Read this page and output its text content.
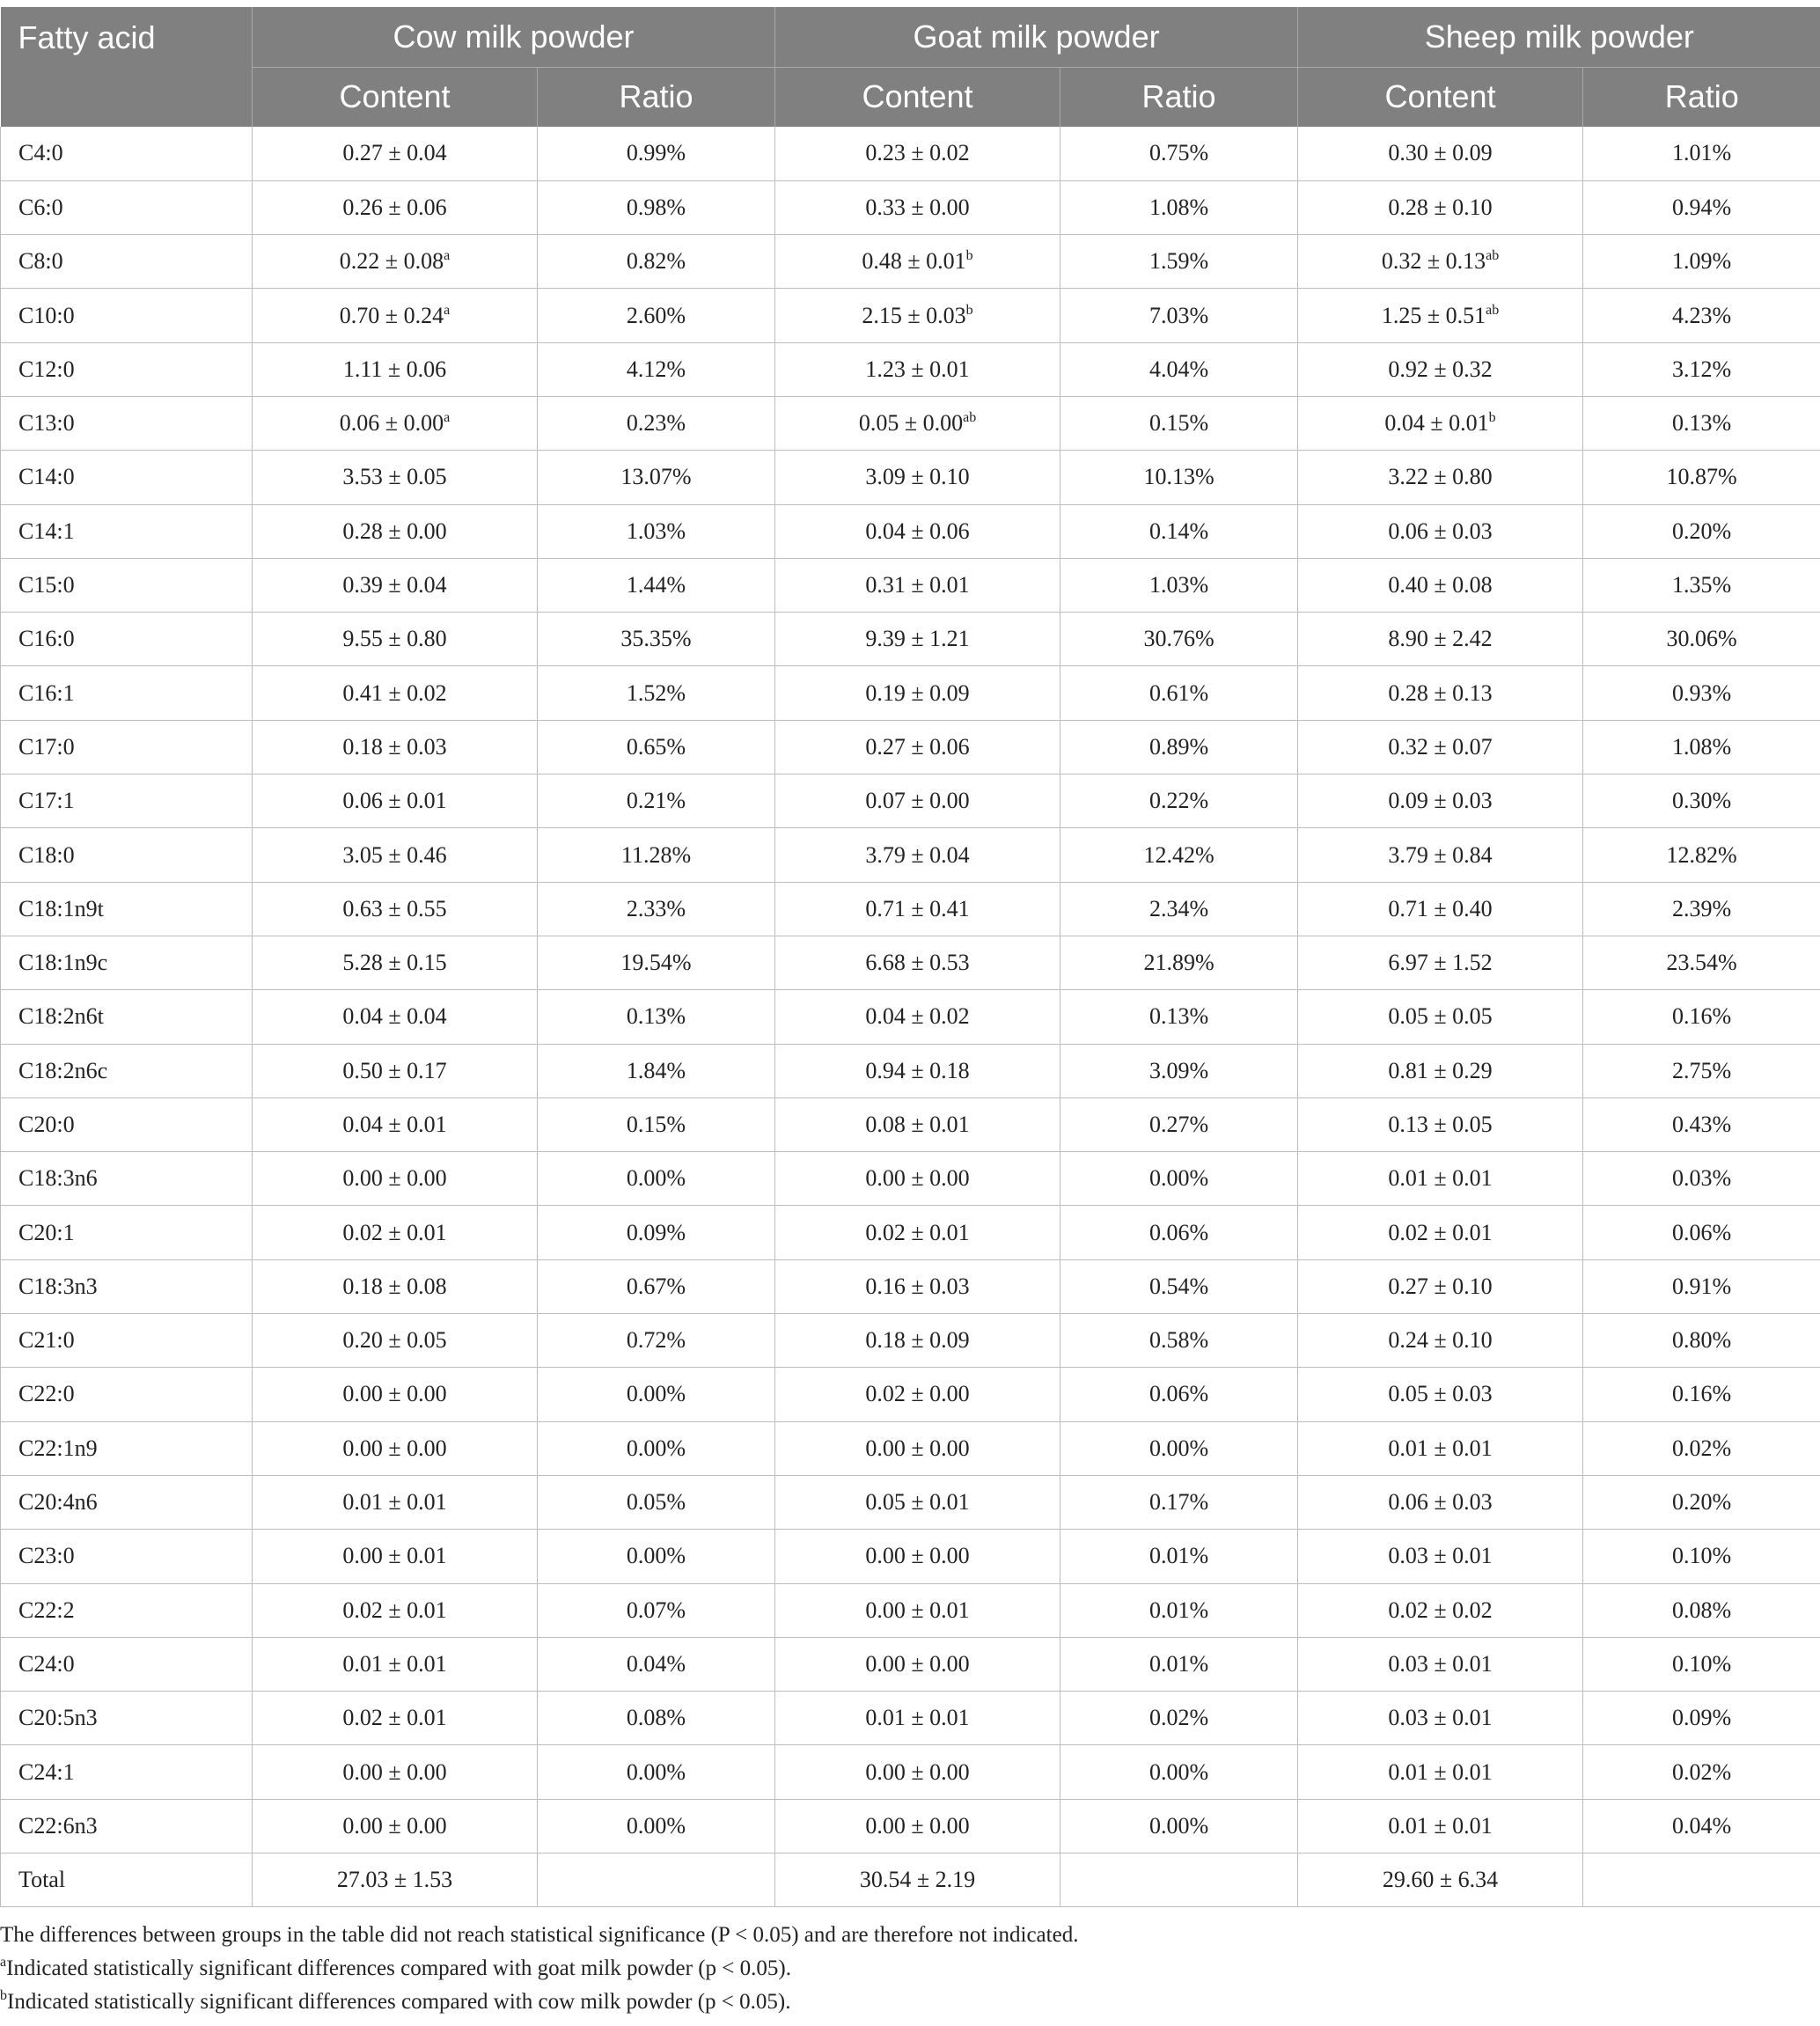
Fatty acid	Cow milk powder		Goat milk powder		Sheep milk powder	
	Content	Ratio	Content	Ratio	Content	Ratio
C4:0	0.27 ± 0.04	0.99%	0.23 ± 0.02	0.75%	0.30 ± 0.09	1.01%
C6:0	0.26 ± 0.06	0.98%	0.33 ± 0.00	1.08%	0.28 ± 0.10	0.94%
C8:0	0.22 ± 0.08$^a$	0.82%	0.48 ± 0.01$^b$	1.59%	0.32 ± 0.13$^{ab}$	1.09%
C10:0	0.70 ± 0.24$^a$	2.60%	2.15 ± 0.03$^b$	7.03%	1.25 ± 0.51$^{ab}$	4.23%
C12:0	1.11 ± 0.06	4.12%	1.23 ± 0.01	4.04%	0.92 ± 0.32	3.12%
C13:0	0.06 ± 0.00$^a$	0.23%	0.05 ± 0.00$^{ab}$	0.15%	0.04 ± 0.01$^b$	0.13%
C14:0	3.53 ± 0.05	13.07%	3.09 ± 0.10	10.13%	3.22 ± 0.80	10.87%
C14:1	0.28 ± 0.00	1.03%	0.04 ± 0.06	0.14%	0.06 ± 0.03	0.20%
C15:0	0.39 ± 0.04	1.44%	0.31 ± 0.01	1.03%	0.40 ± 0.08	1.35%
C16:0	9.55 ± 0.80	35.35%	9.39 ± 1.21	30.76%	8.90 ± 2.42	30.06%
C16:1	0.41 ± 0.02	1.52%	0.19 ± 0.09	0.61%	0.28 ± 0.13	0.93%
C17:0	0.18 ± 0.03	0.65%	0.27 ± 0.06	0.89%	0.32 ± 0.07	1.08%
C17:1	0.06 ± 0.01	0.21%	0.07 ± 0.00	0.22%	0.09 ± 0.03	0.30%
C18:0	3.05 ± 0.46	11.28%	3.79 ± 0.04	12.42%	3.79 ± 0.84	12.82%
C18:1n9t	0.63 ± 0.55	2.33%	0.71 ± 0.41	2.34%	0.71 ± 0.40	2.39%
C18:1n9c	5.28 ± 0.15	19.54%	6.68 ± 0.53	21.89%	6.97 ± 1.52	23.54%
C18:2n6t	0.04 ± 0.04	0.13%	0.04 ± 0.02	0.13%	0.05 ± 0.05	0.16%
C18:2n6c	0.50 ± 0.17	1.84%	0.94 ± 0.18	3.09%	0.81 ± 0.29	2.75%
C20:0	0.04 ± 0.01	0.15%	0.08 ± 0.01	0.27%	0.13 ± 0.05	0.43%
C18:3n6	0.00 ± 0.00	0.00%	0.00 ± 0.00	0.00%	0.01 ± 0.01	0.03%
C20:1	0.02 ± 0.01	0.09%	0.02 ± 0.01	0.06%	0.02 ± 0.01	0.06%
C18:3n3	0.18 ± 0.08	0.67%	0.16 ± 0.03	0.54%	0.27 ± 0.10	0.91%
C21:0	0.20 ± 0.05	0.72%	0.18 ± 0.09	0.58%	0.24 ± 0.10	0.80%
C22:0	0.00 ± 0.00	0.00%	0.02 ± 0.00	0.06%	0.05 ± 0.03	0.16%
C22:1n9	0.00 ± 0.00	0.00%	0.00 ± 0.00	0.00%	0.01 ± 0.01	0.02%
C20:4n6	0.01 ± 0.01	0.05%	0.05 ± 0.01	0.17%	0.06 ± 0.03	0.20%
C23:0	0.00 ± 0.01	0.00%	0.00 ± 0.00	0.01%	0.03 ± 0.01	0.10%
C22:2	0.02 ± 0.01	0.07%	0.00 ± 0.01	0.01%	0.02 ± 0.02	0.08%
C24:0	0.01 ± 0.01	0.04%	0.00 ± 0.00	0.01%	0.03 ± 0.01	0.10%
C20:5n3	0.02 ± 0.01	0.08%	0.01 ± 0.01	0.02%	0.03 ± 0.01	0.09%
C24:1	0.00 ± 0.00	0.00%	0.00 ± 0.00	0.00%	0.01 ± 0.01	0.02%
C22:6n3	0.00 ± 0.00	0.00%	0.00 ± 0.00	0.00%	0.01 ± 0.01	0.04%
Total	27.03 ± 1.53		30.54 ± 2.19		29.60 ± 6.34	
The differences between groups in the table did not reach statistical significance (P < 0.05) and are therefore not indicated.
$^a$Indicated statistically significant differences compared with goat milk powder (p < 0.05).
$^b$Indicated statistically significant differences compared with cow milk powder (p < 0.05).
